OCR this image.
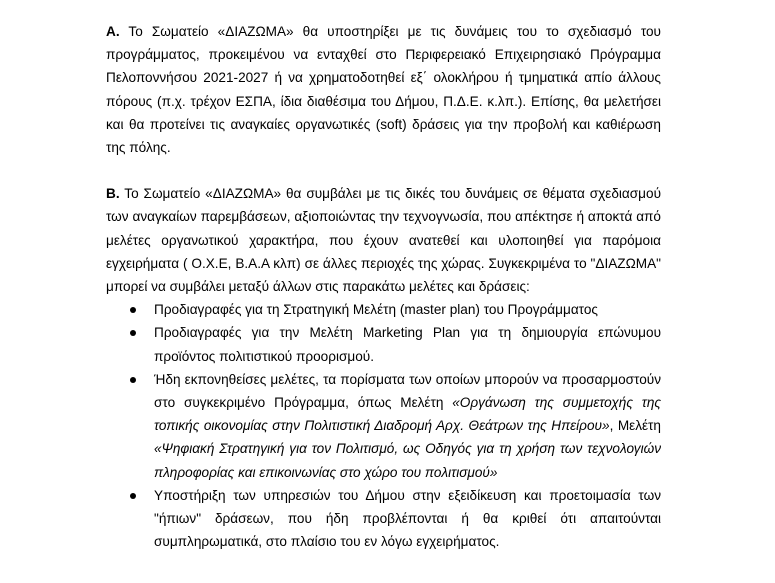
Α. Το Σωματείο «ΔΙΑΖΩΜΑ» θα υποστηρίξει με τις δυνάμεις του το σχεδιασμό του προγράμματος, προκειμένου να ενταχθεί στο Περιφερειακό Επιχειρησιακό Πρόγραμμα Πελοποννήσου 2021-2027 ή να χρηματοδοτηθεί εξ΄ ολοκλήρου ή τμηματικά απίο άλλους πόρους (π.χ. τρέχον ΕΣΠΑ, ίδια διαθέσιμα του Δήμου, Π.Δ.Ε. κ.λπ.). Επίσης, θα μελετήσει και θα προτείνει τις αναγκαίες οργανωτικές (soft) δράσεις για την προβολή και καθιέρωση της πόλης.

Β. Το Σωματείο «ΔΙΑΖΩΜΑ» θα συμβάλει με τις δικές του δυνάμεις σε θέματα σχεδιασμού των αναγκαίων παρεμβάσεων, αξιοποιώντας την τεχνογνωσία, που απέκτησε ή αποκτά από μελέτες οργανωτικού χαρακτήρα, που έχουν ανατεθεί και υλοποιηθεί για παρόμοια εγχειρήματα ( Ο.Χ.Ε, Β.Α.Α κλπ) σε άλλες περιοχές της χώρας. Συγκεκριμένα το "ΔΙΑΖΩΜΑ" μπορεί να συμβάλει μεταξύ άλλων στις παρακάτω μελέτες και δράσεις:

Προδιαγραφές για τη Στρατηγική Μελέτη (master plan) του Προγράμματος
Προδιαγραφές για την Μελέτη Marketing Plan για τη δημιουργία επώνυμου προϊόντος πολιτιστικού προορισμού.
Ήδη εκπονηθείσες μελέτες, τα πορίσματα των οποίων μπορούν να προσαρμοστούν στο συγκεκριμένο Πρόγραμμα, όπως Μελέτη «Οργάνωση της συμμετοχής της τοπικής οικονομίας στην Πολιτιστική Διαδρομή Αρχ. Θεάτρων της Ηπείρου», Μελέτη «Ψηφιακή Στρατηγική για τον Πολιτισμό, ως Οδηγός για τη χρήση των τεχνολογιών πληροφορίας και επικοινωνίας στο χώρο του πολιτισμού»
Υποστήριξη των υπηρεσιών του Δήμου στην εξειδίκευση και προετοιμασία των "ήπιων" δράσεων, που ήδη προβλέπονται ή θα κριθεί ότι απαιτούνται συμπληρωματικά, στο πλαίσιο του εν λόγω εγχειρήματος.
